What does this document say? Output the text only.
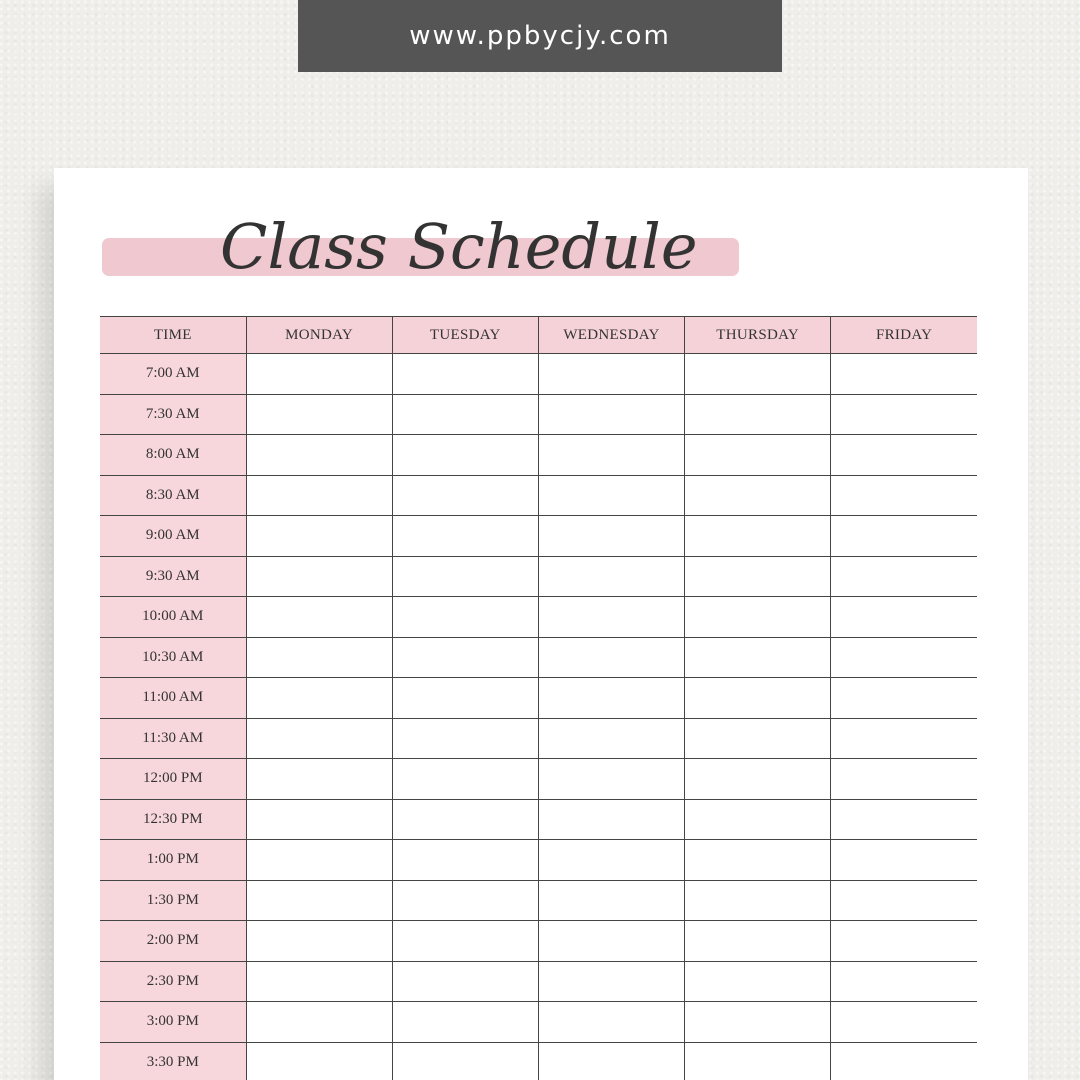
www.ppbycjy.com
Class Schedule
TIME	MONDAY	TUESDAY	WEDNESDAY	THURSDAY	FRIDAY
7:00 AM					
7:30 AM					
8:00 AM					
8:30 AM					
9:00 AM					
9:30 AM					
10:00 AM					
10:30 AM					
11:00 AM					
11:30 AM					
12:00 PM					
12:30 PM					
1:00 PM					
1:30 PM					
2:00 PM					
2:30 PM					
3:00 PM					
3:30 PM					
